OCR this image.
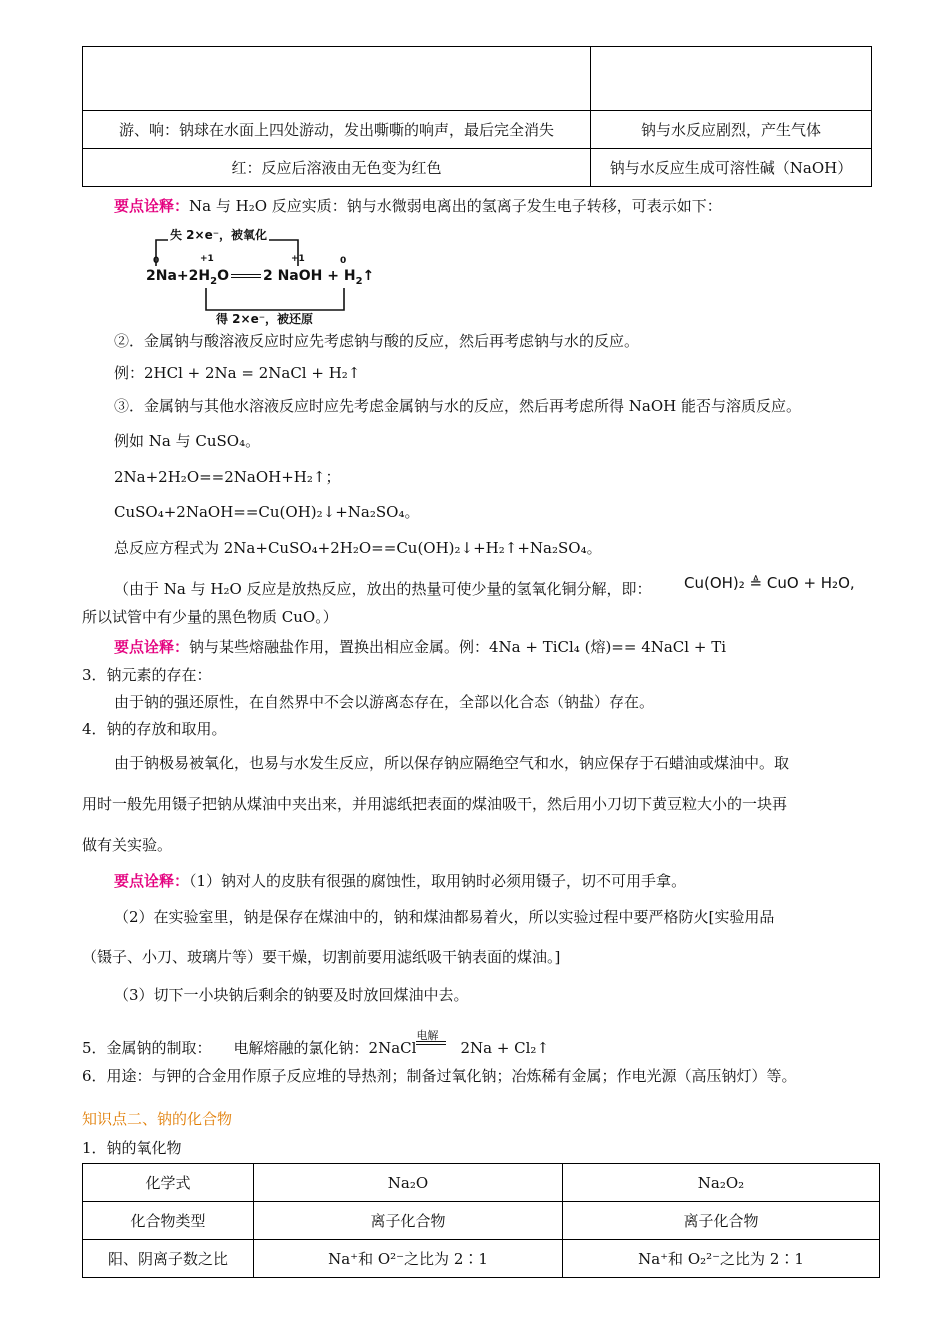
游、响：钠球在水面上四处游动，发出嘶嘶的响声，最后完全消失	钠与水反应剧烈，产生气体
红：反应后溶液由无色变为红色	钠与水反应生成可溶性碱（NaOH）
要点诠释：Na 与 H₂O 反应实质：钠与水微弱电离出的氢离子发生电子转移，可表示如下：
失 2×e⁻，被氧化
得 2×e⁻，被还原
0	+1	+1	0
$2Na+2H_2O$ 2 NaOH + $H_2↑$
②．金属钠与酸溶液反应时应先考虑钠与酸的反应，然后再考虑钠与水的反应。
例：2HCl + 2Na = 2NaCl + H₂↑
③．金属钠与其他水溶液反应时应先考虑金属钠与水的反应，然后再考虑所得 NaOH 能否与溶质反应。
例如 Na 与 CuSO₄。
2Na+2H₂O==2NaOH+H₂↑；
CuSO₄+2NaOH==Cu(OH)₂↓+Na₂SO₄。
总反应方程式为 2Na+CuSO₄+2H₂O==Cu(OH)₂↓+H₂↑+Na₂SO₄。
（由于 Na 与 H₂O 反应是放热反应，放出的热量可使少量的氢氧化铜分解，即： Cu(OH)₂ ≜ CuO + H₂O,
所以试管中有少量的黑色物质 CuO。）
要点诠释：钠与某些熔融盐作用，置换出相应金属。例：4Na + TiCl₄ (熔)== 4NaCl + Ti
3．钠元素的存在：
由于钠的强还原性，在自然界中不会以游离态存在，全部以化合态（钠盐）存在。
4．钠的存放和取用。
由于钠极易被氧化，也易与水发生反应，所以保存钠应隔绝空气和水，钠应保存于石蜡油或煤油中。取
用时一般先用镊子把钠从煤油中夹出来，并用滤纸把表面的煤油吸干，然后用小刀切下黄豆粒大小的一块再
做有关实验。
要点诠释：（1）钠对人的皮肤有很强的腐蚀性，取用钠时必须用镊子，切不可用手拿。
（2）在实验室里，钠是保存在煤油中的，钠和煤油都易着火，所以实验过程中要严格防火[实验用品
（镊子、小刀、玻璃片等）要干燥，切割前要用滤纸吸干钠表面的煤油。]
（3）切下一小块钠后剩余的钠要及时放回煤油中去。
5．金属钠的制取： 电解熔融的氯化钠：2NaCl
电解
2Na + Cl₂↑
6．用途：与钾的合金用作原子反应堆的导热剂；制备过氧化钠；冶炼稀有金属；作电光源（高压钠灯）等。
知识点二、钠的化合物
1．钠的氧化物
化学式	Na₂O	Na₂O₂
化合物类型	离子化合物	离子化合物
阳、阴离子数之比	Na⁺和 O²⁻之比为 2∶1	Na⁺和 O₂²⁻之比为 2∶1
